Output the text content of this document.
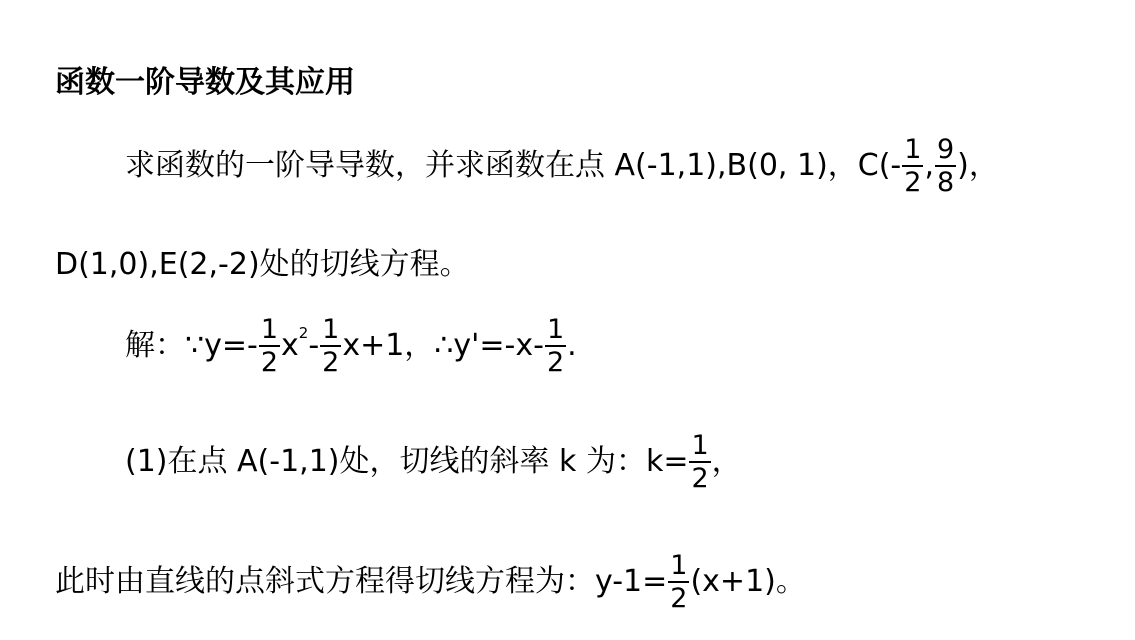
函数一阶导数及其应用
求函数的一阶导导数，并求函数在点 A(-1,1),B(0, 1)，$C(- \frac{1}{2}$ , $\frac{9}{8}$ )，
D(1,0),E(2,-2)处的切线方程。
解：∵y=- $\frac{1}{2}$ x $2 - \frac{1}{2} x+1$，∴y'=-x- $\frac{1}{2}$ .
(1)在点 A(-1,1)处，切线的斜率 k 为：$k= \frac{1}{2}$ ，
此时由直线的点斜式方程得切线方程为：$y-1= \frac{1}{2} (x+1)$。
